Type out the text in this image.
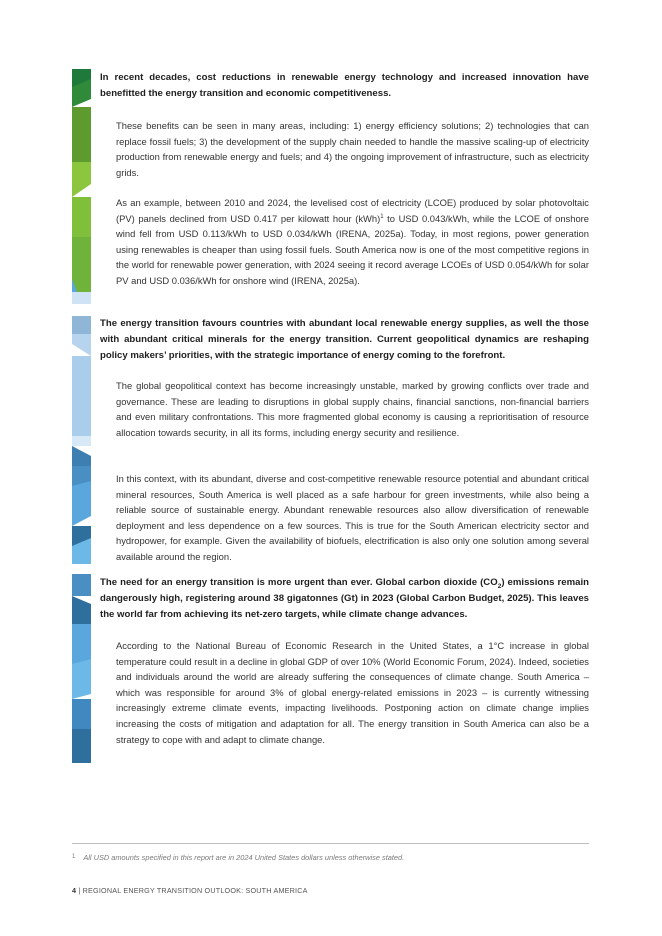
In recent decades, cost reductions in renewable energy technology and increased innovation have benefitted the energy transition and economic competitiveness.

These benefits can be seen in many areas, including: 1) energy efficiency solutions; 2) technologies that can replace fossil fuels; 3) the development of the supply chain needed to handle the massive scaling-up of electricity production from renewable energy and fuels; and 4) the ongoing improvement of infrastructure, such as electricity grids.

As an example, between 2010 and 2024, the levelised cost of electricity (LCOE) produced by solar photovoltaic (PV) panels declined from USD 0.417 per kilowatt hour (kWh)$^1$ to USD 0.043/kWh, while the LCOE of onshore wind fell from USD 0.113/kWh to USD 0.034/kWh (IRENA, 2025a). Today, in most regions, power generation using renewables is cheaper than using fossil fuels. South America now is one of the most competitive regions in the world for renewable power generation, with 2024 seeing it record average LCOEs of USD 0.054/kWh for solar PV and USD 0.036/kWh for onshore wind (IRENA, 2025a).

The energy transition favours countries with abundant local renewable energy supplies, as well the those with abundant critical minerals for the energy transition. Current geopolitical dynamics are reshaping policy makers’ priorities, with the strategic importance of energy coming to the forefront.

The global geopolitical context has become increasingly unstable, marked by growing conflicts over trade and governance. These are leading to disruptions in global supply chains, financial sanctions, non-financial barriers and even military confrontations. This more fragmented global economy is causing a reprioritisation of resource allocation towards security, in all its forms, including energy security and resilience.

In this context, with its abundant, diverse and cost-competitive renewable resource potential and abundant critical mineral resources, South America is well placed as a safe harbour for green investments, while also being a reliable source of sustainable energy. Abundant renewable resources also allow diversification of renewable deployment and less dependence on a few sources. This is true for the South American electricity sector and hydropower, for example. Given the availability of biofuels, electrification is also only one solution among several available around the region.

The need for an energy transition is more urgent than ever. Global carbon dioxide $(CO_2)$ emissions remain dangerously high, registering around 38 gigatonnes (Gt) in 2023 (Global Carbon Budget, 2025). This leaves the world far from achieving its net-zero targets, while climate change advances.

According to the National Bureau of Economic Research in the United States, a 1°C increase in global temperature could result in a decline in global GDP of over 10% (World Economic Forum, 2024). Indeed, societies and individuals around the world are already suffering the consequences of climate change. South America – which was responsible for around 3% of global energy-related emissions in 2023 – is currently witnessing increasingly extreme climate events, impacting livelihoods. Postponing action on climate change implies increasing the costs of mitigation and adaptation for all. The energy transition in South America can also be a strategy to cope with and adapt to climate change.

$^1$ All USD amounts specified in this report are in 2024 United States dollars unless otherwise stated.

4 | REGIONAL ENERGY TRANSITION OUTLOOK: SOUTH AMERICA
